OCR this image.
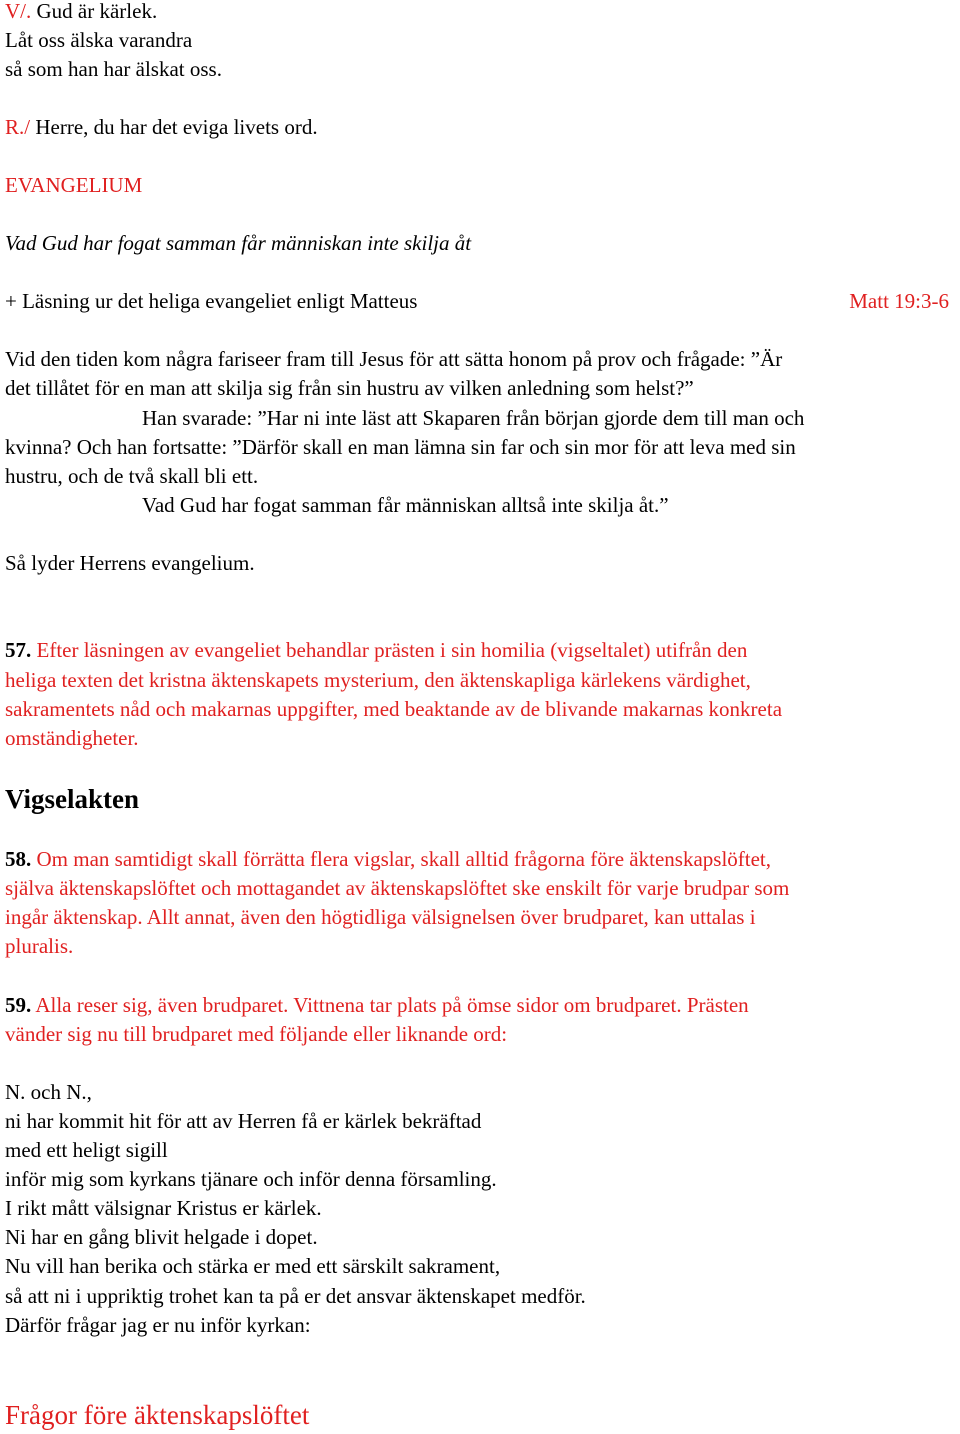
V/. Gud är kärlek.
Låt oss älska varandra
så som han har älskat oss.
R./ Herre, du har det eviga livets ord.
EVANGELIUM
Vad Gud har fogat samman får människan inte skilja åt
+ Läsning ur det heliga evangeliet enligt Matteus	Matt 19:3-6
Vid den tiden kom några fariseer fram till Jesus för att sätta honom på prov och frågade: ”Är
det tillåtet för en man att skilja sig från sin hustru av vilken anledning som helst?”
Han svarade: ”Har ni inte läst att Skaparen från början gjorde dem till man och
kvinna? Och han fortsatte: ”Därför skall en man lämna sin far och sin mor för att leva med sin
hustru, och de två skall bli ett.
Vad Gud har fogat samman får människan alltså inte skilja åt.”
Så lyder Herrens evangelium.
57. Efter läsningen av evangeliet behandlar prästen i sin homilia (vigseltalet) utifrån den
heliga texten det kristna äktenskapets mysterium, den äktenskapliga kärlekens värdighet,
sakramentets nåd och makarnas uppgifter, med beaktande av de blivande makarnas konkreta
omständigheter.
Vigselakten
58. Om man samtidigt skall förrätta flera vigslar, skall alltid frågorna före äktenskapslöftet,
själva äktenskapslöftet och mottagandet av äktenskapslöftet ske enskilt för varje brudpar som
ingår äktenskap. Allt annat, även den högtidliga välsignelsen över brudparet, kan uttalas i
pluralis.
59. Alla reser sig, även brudparet. Vittnena tar plats på ömse sidor om brudparet. Prästen
vänder sig nu till brudparet med följande eller liknande ord:
N. och N.,
ni har kommit hit för att av Herren få er kärlek bekräftad
med ett heligt sigill
inför mig som kyrkans tjänare och inför denna församling.
I rikt mått välsignar Kristus er kärlek.
Ni har en gång blivit helgade i dopet.
Nu vill han berika och stärka er med ett särskilt sakrament,
så att ni i uppriktig trohet kan ta på er det ansvar äktenskapet medför.
Därför frågar jag er nu inför kyrkan:
Frågor före äktenskapslöftet
